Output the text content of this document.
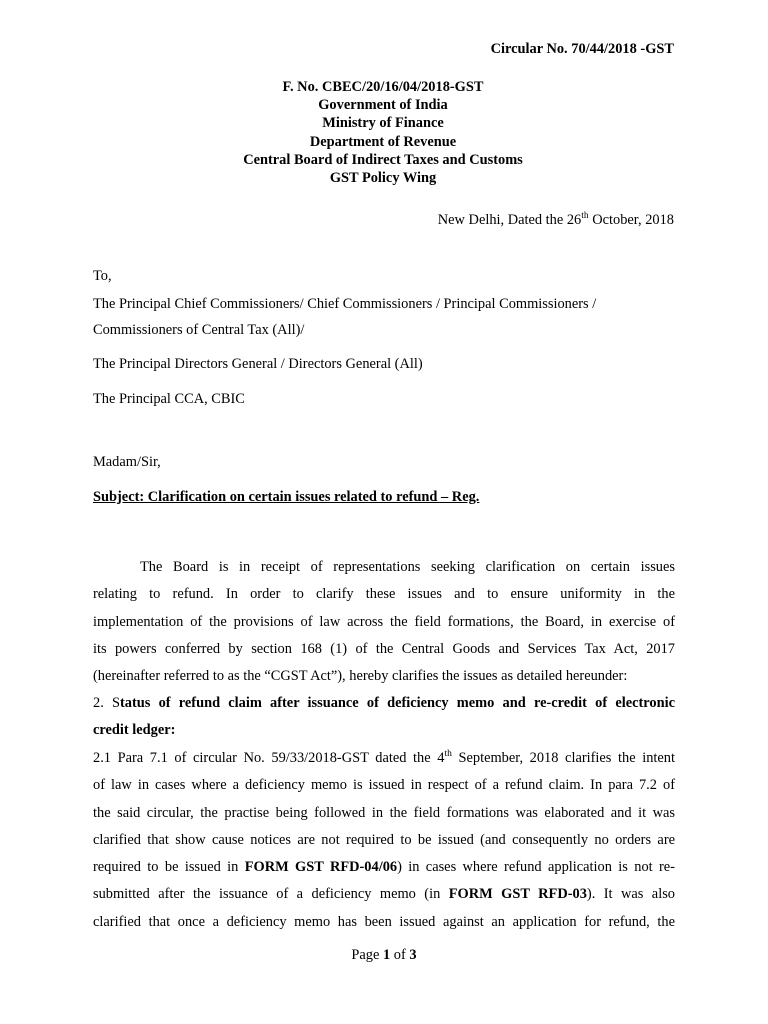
Circular No. 70/44/2018 -GST
F. No. CBEC/20/16/04/2018-GST
Government of India
Ministry of Finance
Department of Revenue
Central Board of Indirect Taxes and Customs
GST Policy Wing
New Delhi, Dated the 26th October, 2018
To,
The Principal Chief Commissioners/ Chief Commissioners / Principal Commissioners /
Commissioners of Central Tax (All)/
The Principal Directors General / Directors General (All)
The Principal CCA, CBIC
Madam/Sir,
Subject: Clarification on certain issues related to refund – Reg.
The Board is in receipt of representations seeking clarification on certain issues
relating to refund. In order to clarify these issues and to ensure uniformity in the
implementation of the provisions of law across the field formations, the Board, in exercise of
its powers conferred by section 168 (1) of the Central Goods and Services Tax Act, 2017
(hereinafter referred to as the “CGST Act”), hereby clarifies the issues as detailed hereunder:
2. Status of refund claim after issuance of deficiency memo and re-credit of electronic
credit ledger:
2.1 Para 7.1 of circular No. 59/33/2018-GST dated the 4th September, 2018 clarifies the intent
of law in cases where a deficiency memo is issued in respect of a refund claim. In para 7.2 of
the said circular, the practise being followed in the field formations was elaborated and it was
clarified that show cause notices are not required to be issued (and consequently no orders are
required to be issued in FORM GST RFD-04/06) in cases where refund application is not re-
submitted after the issuance of a deficiency memo (in FORM GST RFD-03). It was also
clarified that once a deficiency memo has been issued against an application for refund, the
Page 1 of 3
